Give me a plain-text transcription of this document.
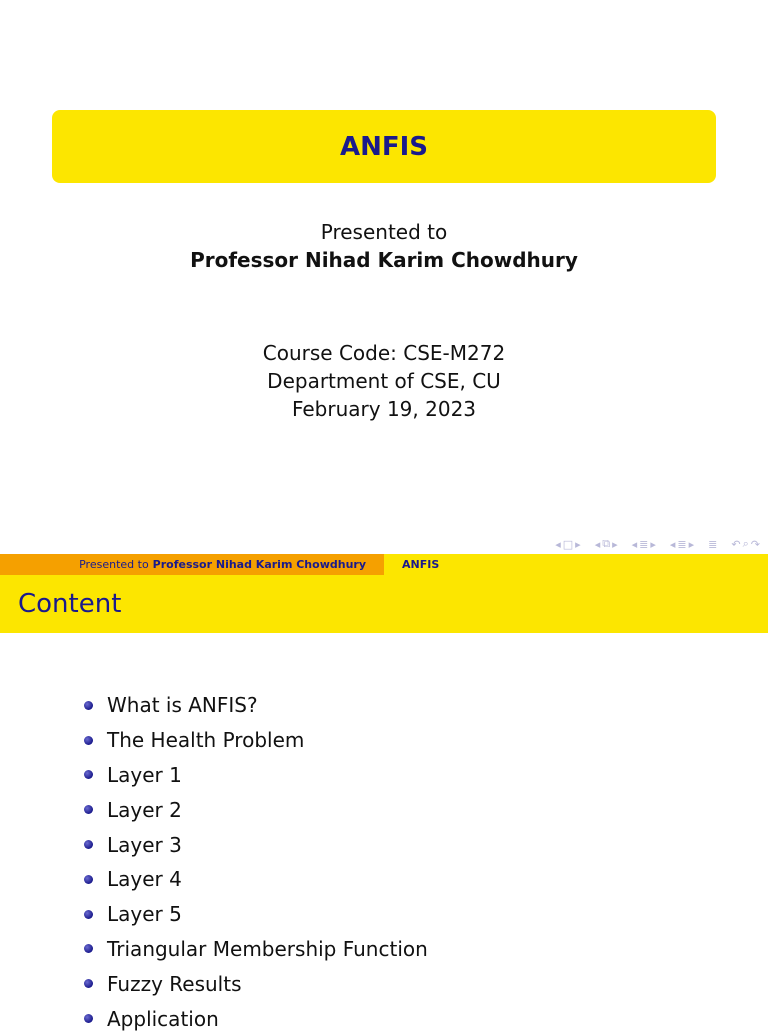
ANFIS
Presented to
Professor Nihad Karim Chowdhury
Course Code: CSE-M272
Department of CSE, CU
February 19, 2023
◂ □ ▸ ◂ ⧉ ▸ ◂ ≣ ▸ ◂ ≣ ▸ ≣ ↶ ⌕ ↷
Presented to Professor Nihad Karim Chowdhury	ANFIS
Content
What is ANFIS?
The Health Problem
Layer 1
Layer 2
Layer 3
Layer 4
Layer 5
Triangular Membership Function
Fuzzy Results
Application
